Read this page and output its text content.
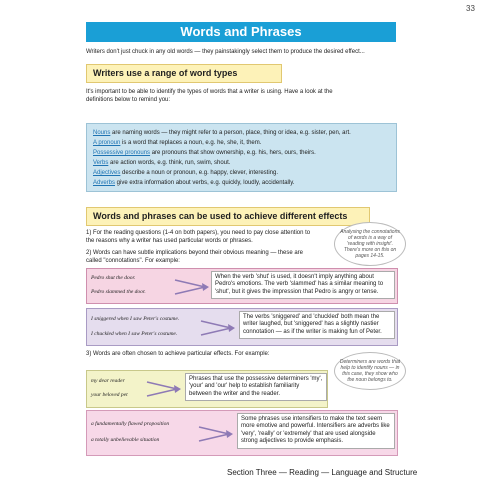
33
Words and Phrases
Writers don't just chuck in any old words — they painstakingly select them to produce the desired effect...
Writers use a range of word types
It's important to be able to identify the types of words that a writer is using. Have a look at the definitions below to remind you:
Nouns are naming words — they might refer to a person, place, thing or idea, e.g. sister, pen, art.
A pronoun is a word that replaces a noun, e.g. he, she, it, them.
Possessive pronouns are pronouns that show ownership, e.g. his, hers, ours, theirs.
Verbs are action words, e.g. think, run, swim, shout.
Adjectives describe a noun or pronoun, e.g. happy, clever, interesting.
Adverbs give extra information about verbs, e.g. quickly, loudly, accidentally.
Words and phrases can be used to achieve different effects
1) For the reading questions (1-4 on both papers), you need to pay close attention to the reasons why a writer has used particular words or phrases.
2) Words can have subtle implications beyond their obvious meaning — these are called "connotations". For example:
Analysing the connotations of words is a way of 'reading with insight'. There's more on this on pages 14-15.
Pedro shut the door.
Pedro slammed the door.
When the verb 'shut' is used, it doesn't imply anything about Pedro's emotions. The verb 'slammed' has a similar meaning to 'shut', but it gives the impression that Pedro is angry or tense.
I sniggered when I saw Peter's costume.
I chuckled when I saw Peter's costume.
The verbs 'sniggered' and 'chuckled' both mean the writer laughed, but 'sniggered' has a slightly nastier connotation — as if the writer is making fun of Peter.
3) Words are often chosen to achieve particular effects. For example:
Determiners are words that help to identify nouns — in this case, they show who the noun belongs to.
my dear reader
your beloved pet
Phrases that use the possessive determiners 'my', 'your' and 'our' help to establish familiarity between the writer and the reader.
a fundamentally flawed proposition
a totally unbelievable situation
Some phrases use intensifiers to make the text seem more emotive and powerful. Intensifiers are adverbs like 'very', 'really' or 'extremely' that are used alongside strong adjectives to provide emphasis.
Section Three — Reading — Language and Structure
